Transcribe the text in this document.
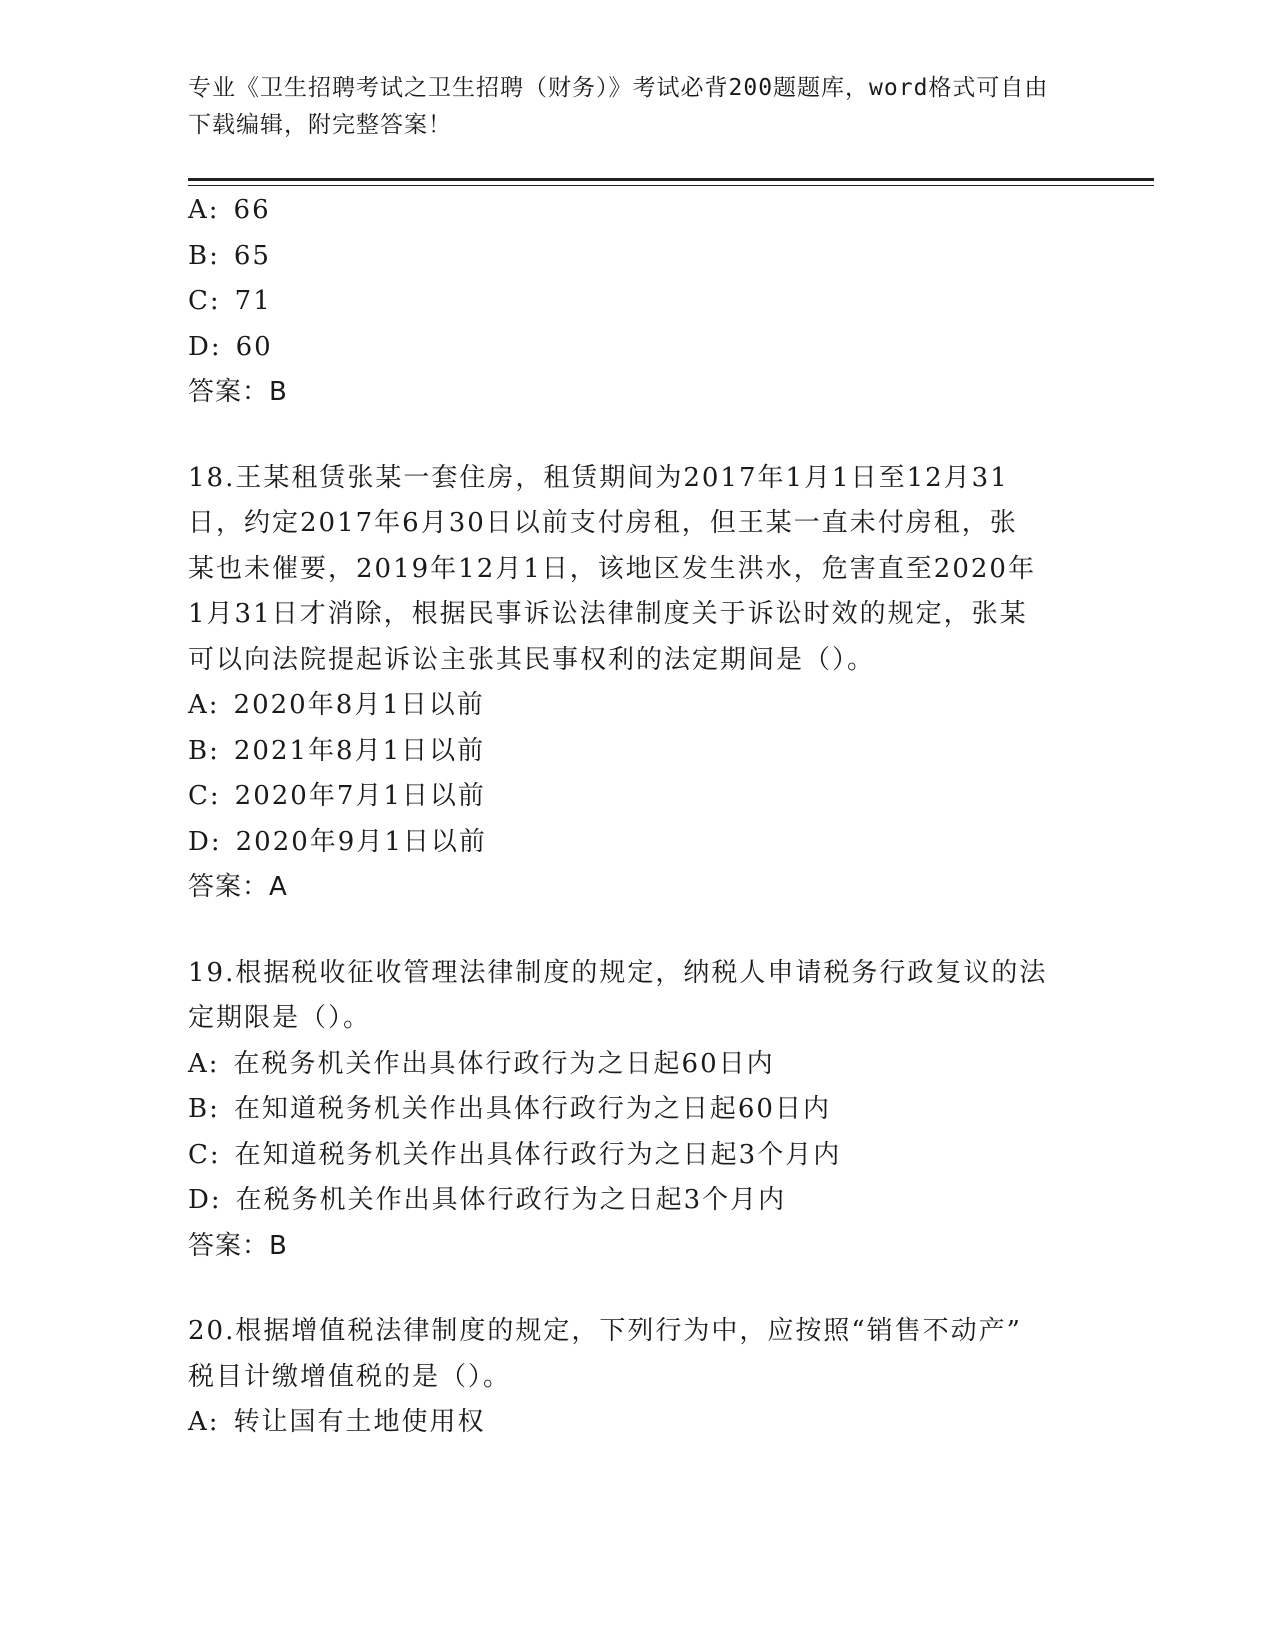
专业《卫生招聘考试之卫生招聘（财务）》考试必背200题题库，word格式可自由下载编辑，附完整答案！
A: 66
B: 65
C: 71
D: 60
答案：B
18.王某租赁张某一套住房，租赁期间为2017年1月1日至12月31
日，约定2017年6月30日以前支付房租，但王某一直未付房租，张
某也未催要，2019年12月1日，该地区发生洪水，危害直至2020年
1月31日才消除，根据民事诉讼法律制度关于诉讼时效的规定，张某
可以向法院提起诉讼主张其民事权利的法定期间是（）。
A: 2020年8月1日以前
B: 2021年8月1日以前
C: 2020年7月1日以前
D: 2020年9月1日以前
答案：A
19.根据税收征收管理法律制度的规定，纳税人申请税务行政复议的法
定期限是（）。
A: 在税务机关作出具体行政行为之日起60日内
B: 在知道税务机关作出具体行政行为之日起60日内
C: 在知道税务机关作出具体行政行为之日起3个月内
D: 在税务机关作出具体行政行为之日起3个月内
答案：B
20.根据增值税法律制度的规定，下列行为中，应按照“销售不动产”
税目计缴增值税的是（）。
A: 转让国有土地使用权
